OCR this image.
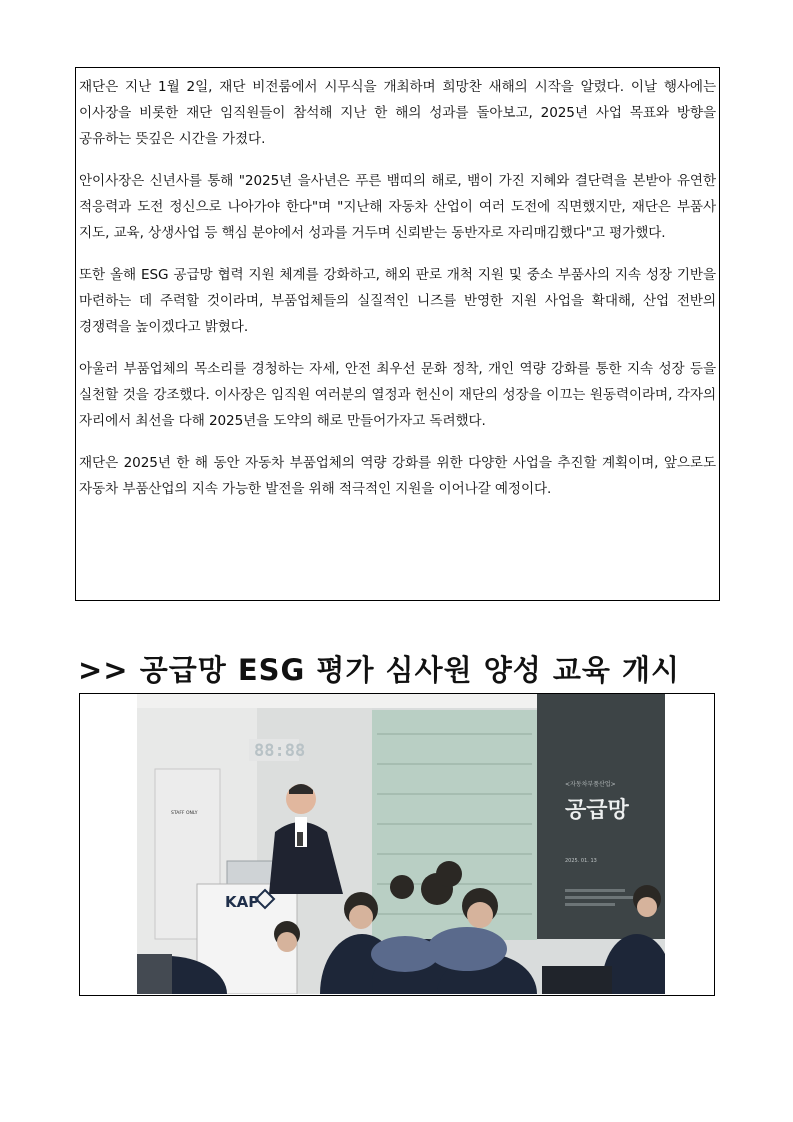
재단은 지난 1월 2일, 재단 비전룸에서 시무식을 개최하며 희망찬 새해의 시작을 알렸다. 이날 행사에는 이사장을 비롯한 재단 임직원들이 참석해 지난 한 해의 성과를 돌아보고, 2025년 사업 목표와 방향을 공유하는 뜻깊은 시간을 가졌다.

안이사장은 신년사를 통해 "2025년 을사년은 푸른 뱀띠의 해로, 뱀이 가진 지혜와 결단력을 본받아 유연한 적응력과 도전 정신으로 나아가야 한다"며 "지난해 자동차 산업이 여러 도전에 직면했지만, 재단은 부품사 지도, 교육, 상생사업 등 핵심 분야에서 성과를 거두며 신뢰받는 동반자로 자리매김했다"고 평가했다.

또한 올해 ESG 공급망 협력 지원 체계를 강화하고, 해외 판로 개척 지원 및 중소 부품사의 지속 성장 기반을 마련하는 데 주력할 것이라며, 부품업체들의 실질적인 니즈를 반영한 지원 사업을 확대해, 산업 전반의 경쟁력을 높이겠다고 밝혔다.

아울러 부품업체의 목소리를 경청하는 자세, 안전 최우선 문화 정착, 개인 역량 강화를 통한 지속 성장 등을 실천할 것을 강조했다. 이사장은 임직원 여러분의 열정과 헌신이 재단의 성장을 이끄는 원동력이라며, 각자의 자리에서 최선을 다해 2025년을 도약의 해로 만들어가자고 독려했다.

재단은 2025년 한 해 동안 자동차 부품업체의 역량 강화를 위한 다양한 사업을 추진할 계획이며, 앞으로도 자동차 부품산업의 지속 가능한 발전을 위해 적극적인 지원을 이어나갈 예정이다.

>> 공급망 ESG 평가 심사원 양성 교육 개시
STAFF ONLY
88:88
<자동차부품산업>
공급망
2025. 01. 13
KAP
